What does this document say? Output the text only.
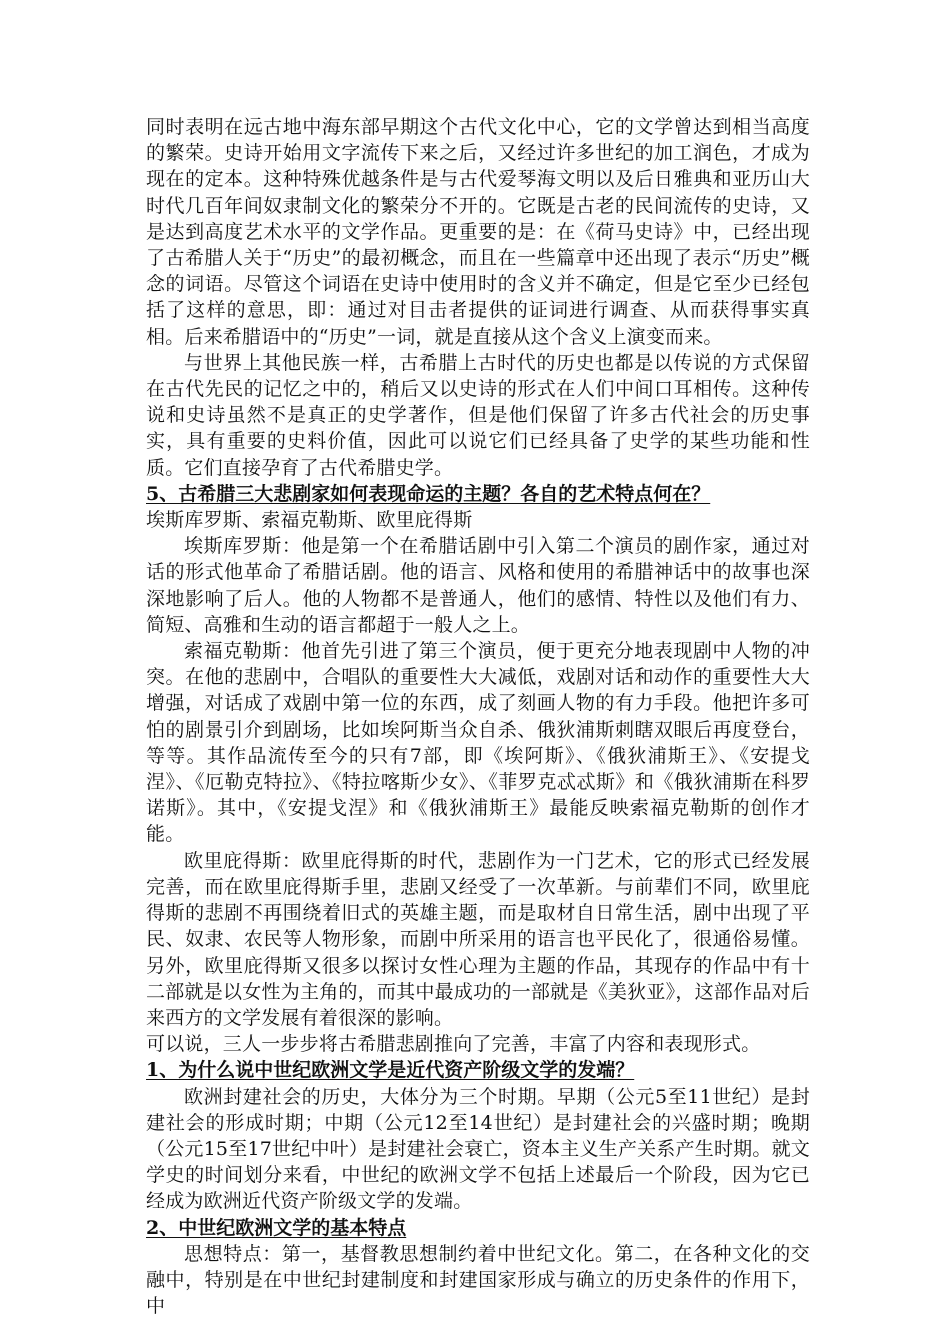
同时表明在远古地中海东部早期这个古代文化中心，它的文学曾达到相当高度的繁荣。史诗开始用文字流传下来之后，又经过许多世纪的加工润色，才成为现在的定本。这种特殊优越条件是与古代爱琴海文明以及后日雅典和亚历山大时代几百年间奴隶制文化的繁荣分不开的。它既是古老的民间流传的史诗，又是达到高度艺术水平的文学作品。更重要的是：在《荷马史诗》中，已经出现了古希腊人关于“历史”的最初概念，而且在一些篇章中还出现了表示“历史”概念的词语。尽管这个词语在史诗中使用时的含义并不确定，但是它至少已经包括了这样的意思，即：通过对目击者提供的证词进行调查、从而获得事实真相。后来希腊语中的“历史”一词，就是直接从这个含义上演变而来。

与世界上其他民族一样，古希腊上古时代的历史也都是以传说的方式保留在古代先民的记忆之中的，稍后又以史诗的形式在人们中间口耳相传。这种传说和史诗虽然不是真正的史学著作，但是他们保留了许多古代社会的历史事实，具有重要的史料价值，因此可以说它们已经具备了史学的某些功能和性质。它们直接孕育了古代希腊史学。

5、古希腊三大悲剧家如何表现命运的主题？各自的艺术特点何在？

埃斯库罗斯、索福克勒斯、欧里庇得斯

埃斯库罗斯：他是第一个在希腊话剧中引入第二个演员的剧作家，通过对话的形式他革命了希腊话剧。他的语言、风格和使用的希腊神话中的故事也深深地影响了后人。他的人物都不是普通人，他们的感情、特性以及他们有力、简短、高雅和生动的语言都超于一般人之上。

索福克勒斯：他首先引进了第三个演员，便于更充分地表现剧中人物的冲突。在他的悲剧中，合唱队的重要性大大减低，戏剧对话和动作的重要性大大增强，对话成了戏剧中第一位的东西，成了刻画人物的有力手段。他把许多可怕的剧景引介到剧场，比如埃阿斯当众自杀、俄狄浦斯刺瞎双眼后再度登台，等等。其作品流传至今的只有7部，即《埃阿斯》、《俄狄浦斯王》、《安提戈涅》、《厄勒克特拉》、《特拉喀斯少女》、《菲罗克忒忒斯》和《俄狄浦斯在科罗诺斯》。其中，《安提戈涅》和《俄狄浦斯王》最能反映索福克勒斯的创作才能。

欧里庇得斯：欧里庇得斯的时代，悲剧作为一门艺术，它的形式已经发展完善，而在欧里庇得斯手里，悲剧又经受了一次革新。与前辈们不同，欧里庇得斯的悲剧不再围绕着旧式的英雄主题，而是取材自日常生活，剧中出现了平民、奴隶、农民等人物形象，而剧中所采用的语言也平民化了，很通俗易懂。另外，欧里庇得斯又很多以探讨女性心理为主题的作品，其现存的作品中有十二部就是以女性为主角的，而其中最成功的一部就是《美狄亚》，这部作品对后来西方的文学发展有着很深的影响。

可以说，三人一步步将古希腊悲剧推向了完善，丰富了内容和表现形式。

1、为什么说中世纪欧洲文学是近代资产阶级文学的发端？

欧洲封建社会的历史，大体分为三个时期。早期（公元5至11世纪）是封建社会的形成时期；中期（公元12至14世纪）是封建社会的兴盛时期；晚期（公元15至17世纪中叶）是封建社会衰亡，资本主义生产关系产生时期。就文学史的时间划分来看，中世纪的欧洲文学不包括上述最后一个阶段，因为它已经成为欧洲近代资产阶级文学的发端。

2、中世纪欧洲文学的基本特点

思想特点：第一，基督教思想制约着中世纪文化。第二，在各种文化的交融中，特别是在中世纪封建制度和封建国家形成与确立的历史条件的作用下，中
